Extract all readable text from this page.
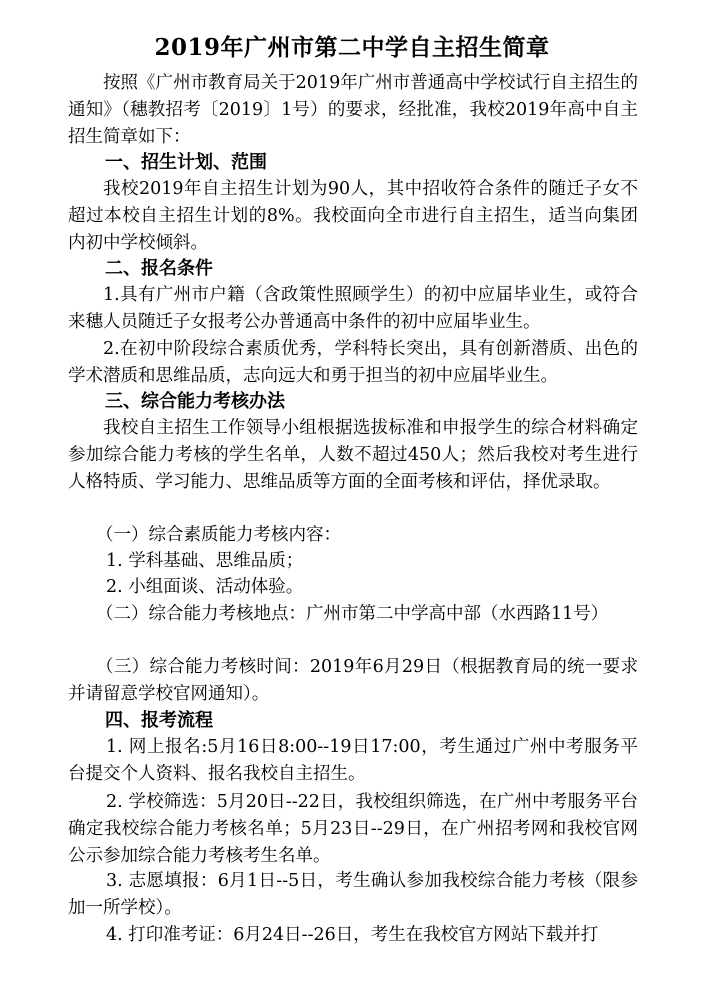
2019年广州市第二中学自主招生简章
按照《广州市教育局关于2019年广州市普通高中学校试行自主招生的通知》（穗教招考〔2019〕1号）的要求，经批准，我校2019年高中自主招生简章如下：
一、招生计划、范围
我校2019年自主招生计划为90人，其中招收符合条件的随迁子女不超过本校自主招生计划的8%。我校面向全市进行自主招生，适当向集团内初中学校倾斜。
二、报名条件
1.具有广州市户籍（含政策性照顾学生）的初中应届毕业生，或符合来穗人员随迁子女报考公办普通高中条件的初中应届毕业生。
2.在初中阶段综合素质优秀，学科特长突出，具有创新潜质、出色的学术潜质和思维品质，志向远大和勇于担当的初中应届毕业生。
三、综合能力考核办法
我校自主招生工作领导小组根据选拔标准和申报学生的综合材料确定参加综合能力考核的学生名单，人数不超过450人；然后我校对考生进行人格特质、学习能力、思维品质等方面的全面考核和评估，择优录取。
（一）综合素质能力考核内容：
1. 学科基础、思维品质；
2. 小组面谈、活动体验。
（二）综合能力考核地点：广州市第二中学高中部（水西路11号）
（三）综合能力考核时间：2019年6月29日（根据教育局的统一要求并请留意学校官网通知）。
四、报考流程
1. 网上报名:5月16日8:00--19日17:00，考生通过广州中考服务平台提交个人资料、报名我校自主招生。
2. 学校筛选：5月20日--22日，我校组织筛选，在广州中考服务平台确定我校综合能力考核名单；5月23日--29日，在广州招考网和我校官网公示参加综合能力考核考生名单。
3. 志愿填报：6月1日--5日，考生确认参加我校综合能力考核（限参加一所学校）。
4. 打印准考证：6月24日--26日，考生在我校官方网站下载并打
